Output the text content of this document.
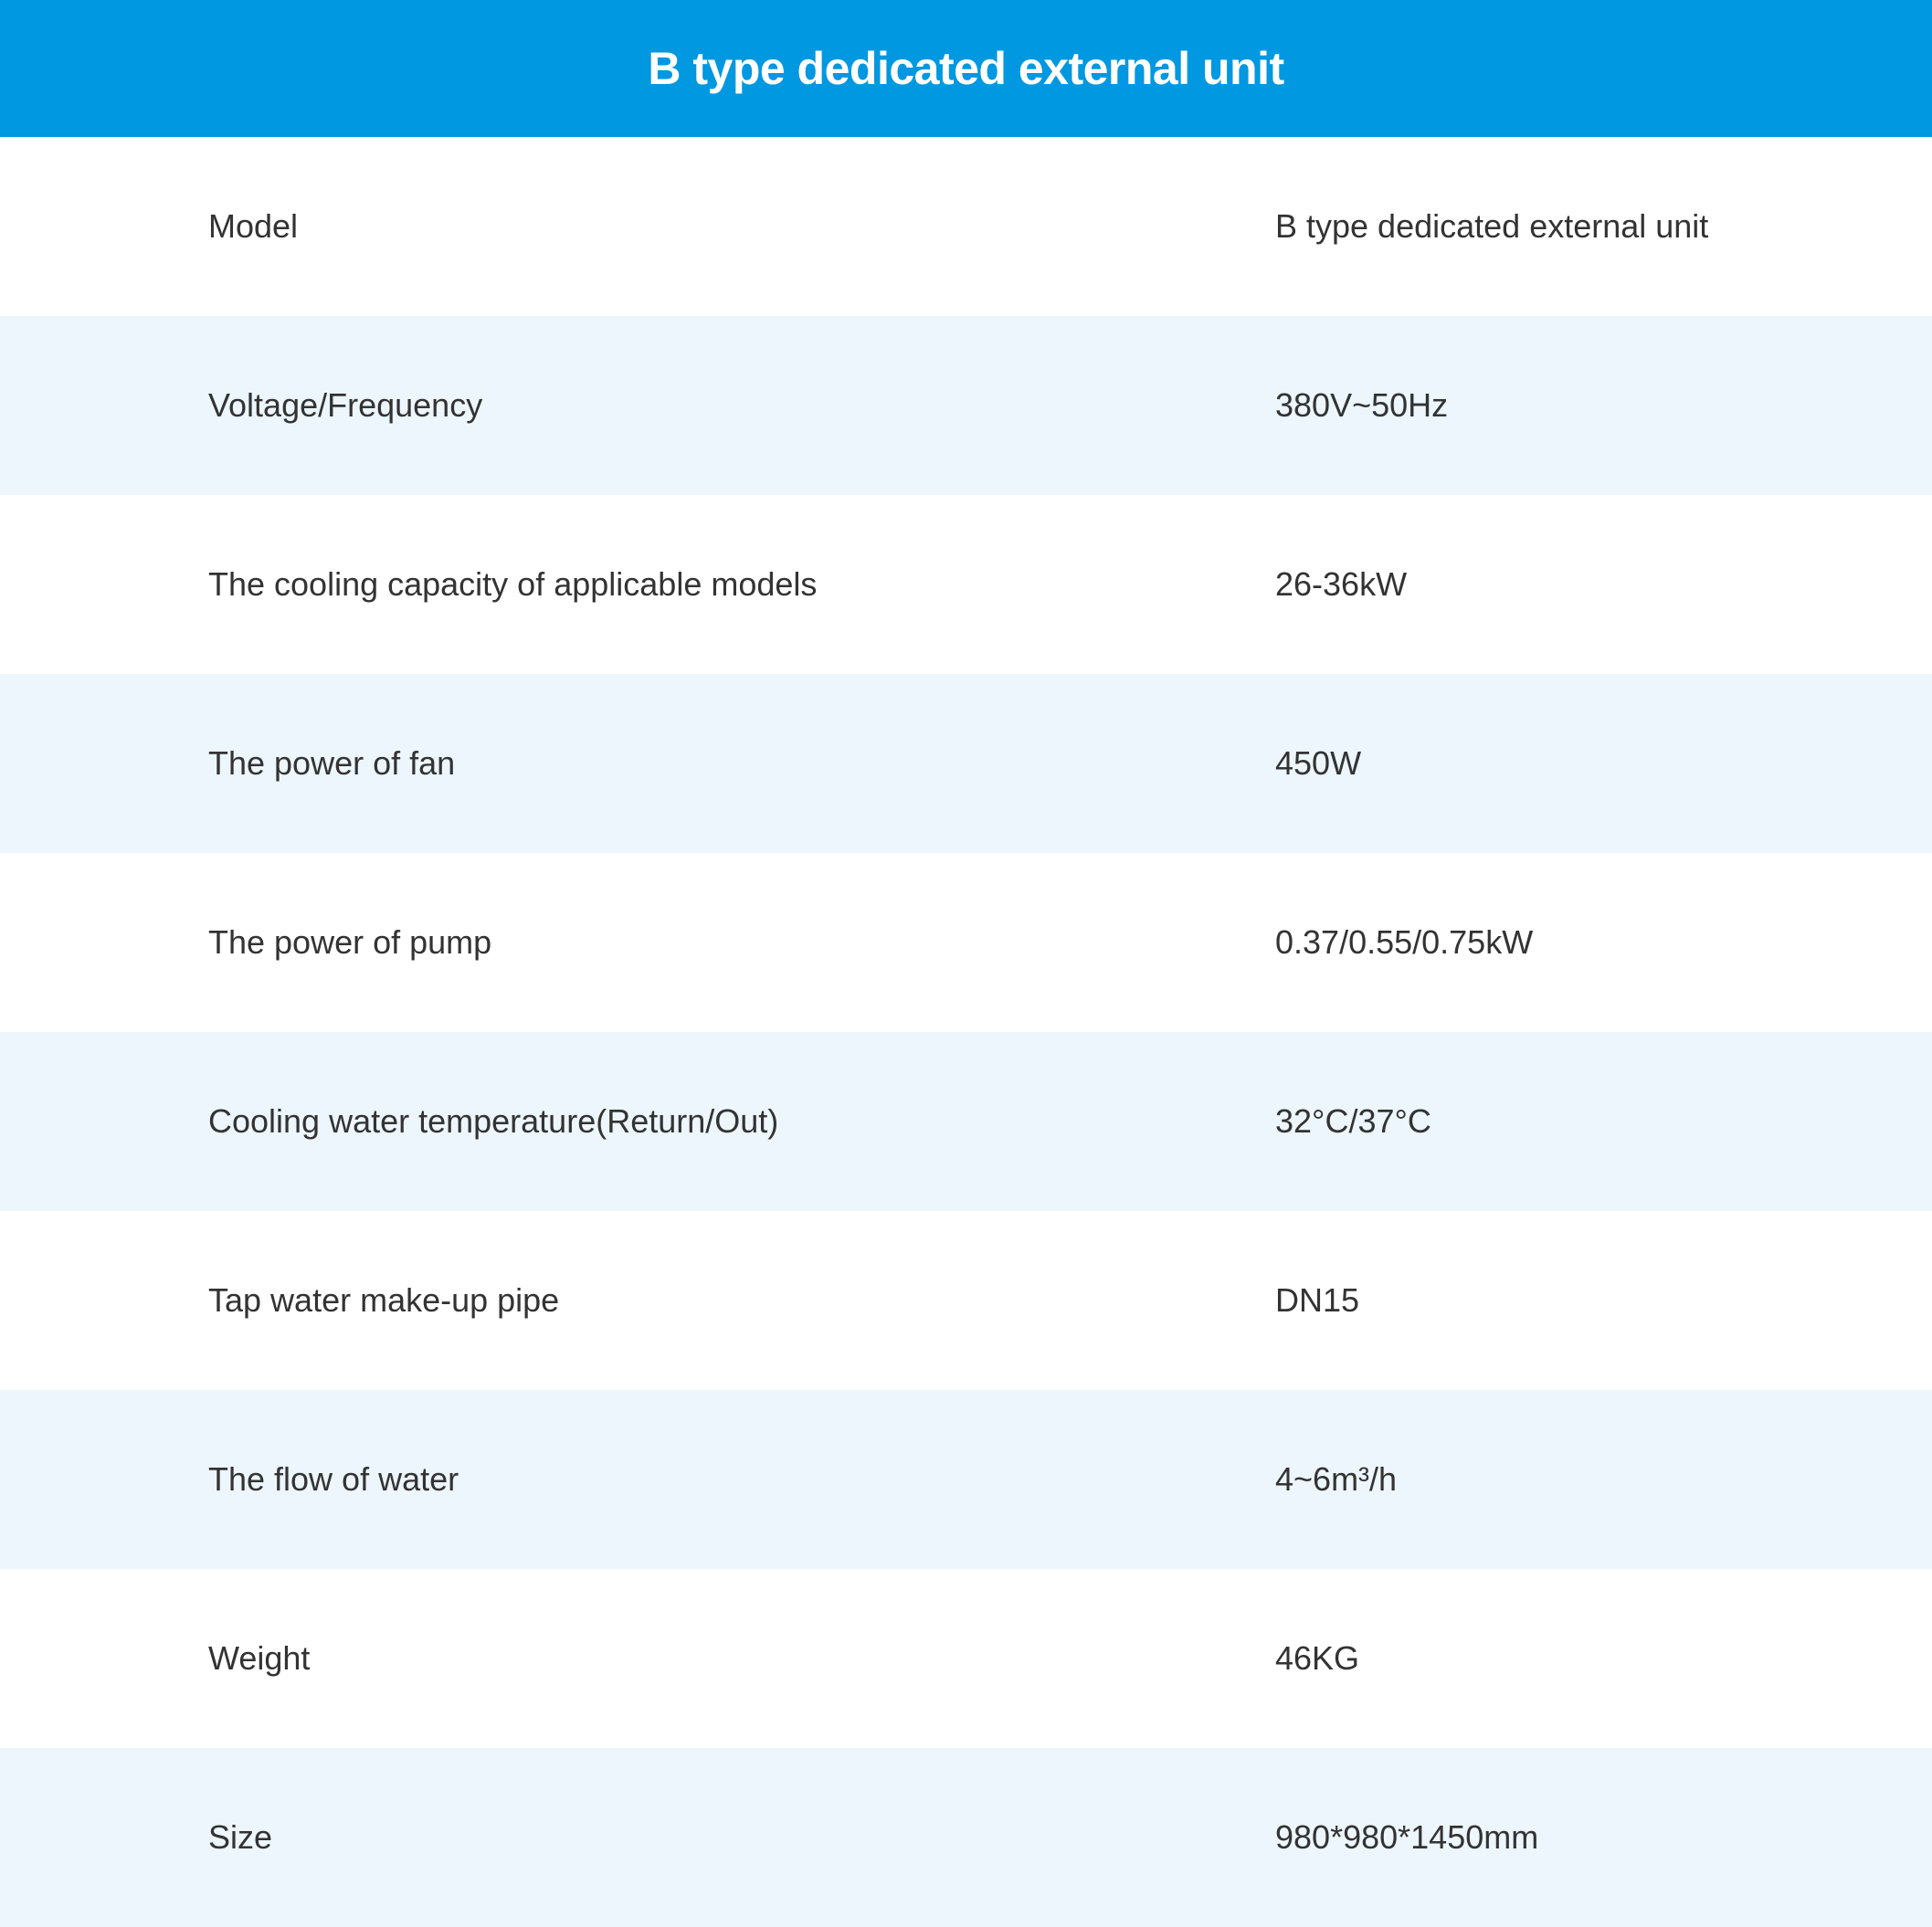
B type dedicated external unit
Model	B type dedicated external unit
Voltage/Frequency	380V~50Hz
The cooling capacity of applicable models	26-36kW
The power of fan	450W
The power of pump	0.37/0.55/0.75kW
Cooling water temperature(Return/Out)	32°C/37°C
Tap water make-up pipe	DN15
The flow of water	4~6m³/h
Weight	46KG
Size	980*980*1450mm
